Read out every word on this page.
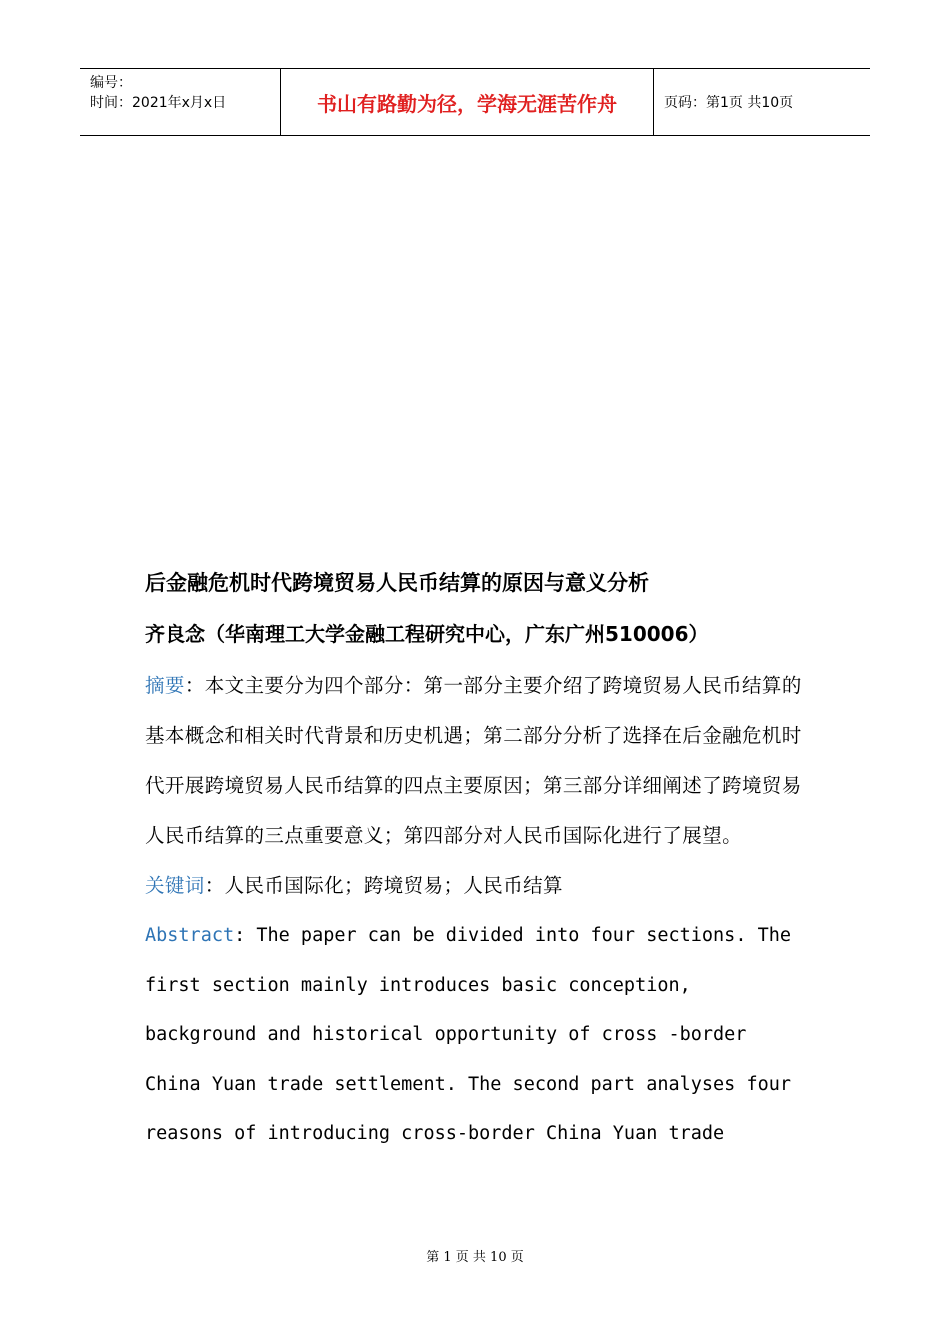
编号：
时间：2021年x月x日	书山有路勤为径，学海无涯苦作舟	页码：第1页 共10页
后金融危机时代跨境贸易人民币结算的原因与意义分析
齐良念（华南理工大学金融工程研究中心，广东广州510006）

摘要：本文主要分为四个部分：第一部分主要介绍了跨境贸易人民币结算的基本概念和相关时代背景和历史机遇；第二部分分析了选择在后金融危机时代开展跨境贸易人民币结算的四点主要原因；第三部分详细阐述了跨境贸易人民币结算的三点重要意义；第四部分对人民币国际化进行了展望。

关键词：人民币国际化；跨境贸易；人民币结算

Abstract: The paper can be divided into four sections. The
first section mainly introduces basic conception,
background and historical opportunity of cross -border
China Yuan trade settlement. The second part analyses four
reasons of introducing cross-border China Yuan trade
第 1 页 共 10 页
